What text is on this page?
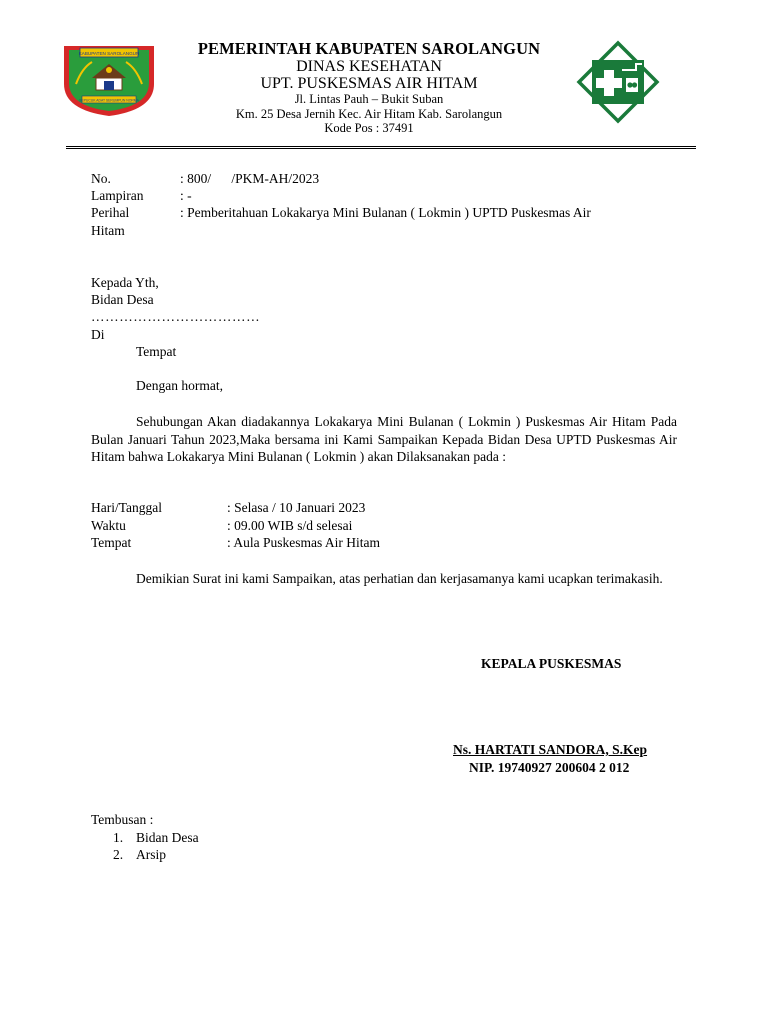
KABUPATEN SAROLANGUN
SEPUCUK ADAT SERUMPUN NORMA
PEMERINTAH KABUPATEN SAROLANGUN
DINAS KESEHATAN
UPT. PUSKESMAS AIR HITAM
Jl. Lintas Pauh – Bukit Suban
Km. 25 Desa Jernih Kec. Air Hitam Kab. Sarolangun
Kode Pos : 37491
No.	: 800/      /PKM-AH/2023
Lampiran	: -
Perihal	: Pemberitahuan Lokakarya Mini Bulanan ( Lokmin ) UPTD Puskesmas Air
Hitam
Kepada Yth,
Bidan Desa
………………………………
Di
Tempat
Dengan hormat,
Sehubungan Akan diadakannya Lokakarya Mini Bulanan ( Lokmin ) Puskesmas Air Hitam Pada Bulan Januari Tahun 2023,Maka bersama ini Kami Sampaikan Kepada Bidan Desa UPTD Puskesmas Air Hitam bahwa Lokakarya Mini Bulanan ( Lokmin ) akan Dilaksanakan pada :
Hari/Tanggal	: Selasa / 10 Januari 2023
Waktu	: 09.00 WIB s/d selesai
Tempat	: Aula Puskesmas Air Hitam
Demikian Surat ini kami Sampaikan, atas perhatian dan kerjasamanya kami ucapkan terimakasih.
KEPALA PUSKESMAS
Ns. HARTATI SANDORA, S.Kep
NIP. 19740927 200604 2 012
Tembusan :
1. Bidan Desa
2. Arsip
